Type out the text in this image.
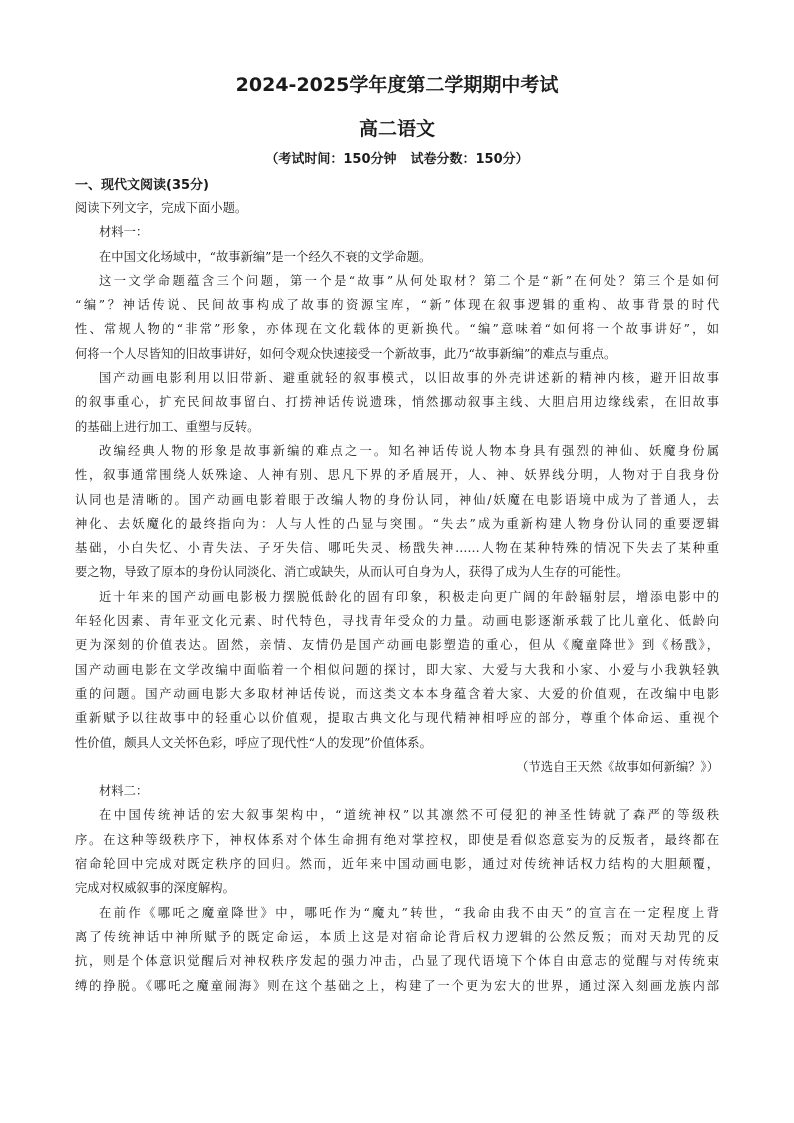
2024-2025学年度第二学期期中考试
高二语文
（考试时间：150分钟 试卷分数：150分）
一、现代文阅读(35分)
阅读下列文字，完成下面小题。
材料一：
在中国文化场域中，“故事新编”是一个经久不衰的文学命题。
这一文学命题蕴含三个问题，第一个是“故事”从何处取材？第二个是“新”在何处？第三个是如何
“编”？神话传说、民间故事构成了故事的资源宝库，“新”体现在叙事逻辑的重构、故事背景的时代
性、常规人物的“非常”形象，亦体现在文化载体的更新换代。“编”意味着“如何将一个故事讲好”，如
何将一个人尽皆知的旧故事讲好，如何令观众快速接受一个新故事，此乃“故事新编”的难点与重点。
国产动画电影利用以旧带新、避重就轻的叙事模式，以旧故事的外壳讲述新的精神内核，避开旧故事
的叙事重心，扩充民间故事留白、打捞神话传说遗珠，悄然挪动叙事主线、大胆启用边缘线索，在旧故事
的基础上进行加工、重塑与反转。
改编经典人物的形象是故事新编的难点之一。知名神话传说人物本身具有强烈的神仙、妖魔身份属
性，叙事通常围绕人妖殊途、人神有别、思凡下界的矛盾展开，人、神、妖界线分明，人物对于自我身份
认同也是清晰的。国产动画电影着眼于改编人物的身份认同，神仙/妖魔在电影语境中成为了普通人，去
神化、去妖魔化的最终指向为：人与人性的凸显与突围。“失去”成为重新构建人物身份认同的重要逻辑
基础，小白失忆、小青失法、子牙失信、哪吒失灵、杨戬失神……人物在某种特殊的情况下失去了某种重
要之物，导致了原本的身份认同淡化、消亡或缺失，从而认可自身为人，获得了成为人生存的可能性。
近十年来的国产动画电影极力摆脱低龄化的固有印象，积极走向更广阔的年龄辐射层，增添电影中的
年轻化因素、青年亚文化元素、时代特色，寻找青年受众的力量。动画电影逐渐承载了比儿童化、低龄向
更为深刻的价值表达。固然，亲情、友情仍是国产动画电影塑造的重心，但从《魔童降世》到《杨戬》，
国产动画电影在文学改编中面临着一个相似问题的探讨，即大家、大爱与大我和小家、小爱与小我孰轻孰
重的问题。国产动画电影大多取材神话传说，而这类文本本身蕴含着大家、大爱的价值观，在改编中电影
重新赋予以往故事中的轻重心以价值观，提取古典文化与现代精神相呼应的部分，尊重个体命运、重视个
性价值，颇具人文关怀色彩，呼应了现代性“人的发现”价值体系。
（节选自王天然《故事如何新编？》）
材料二：
在中国传统神话的宏大叙事架构中，“道统神权”以其凛然不可侵犯的神圣性铸就了森严的等级秩
序。在这种等级秩序下，神权体系对个体生命拥有绝对掌控权，即使是看似恣意妄为的反叛者，最终都在
宿命轮回中完成对既定秩序的回归。然而，近年来中国动画电影，通过对传统神话权力结构的大胆颠覆，
完成对权威叙事的深度解构。
在前作《哪吒之魔童降世》中，哪吒作为“魔丸”转世，“我命由我不由天”的宣言在一定程度上背
离了传统神话中神所赋予的既定命运，本质上这是对宿命论背后权力逻辑的公然反叛；而对天劫咒的反
抗，则是个体意识觉醒后对神权秩序发起的强力冲击，凸显了现代语境下个体自由意志的觉醒与对传统束
缚的挣脱。《哪吒之魔童闹海》则在这个基础之上，构建了一个更为宏大的世界，通过深入刻画龙族内部
